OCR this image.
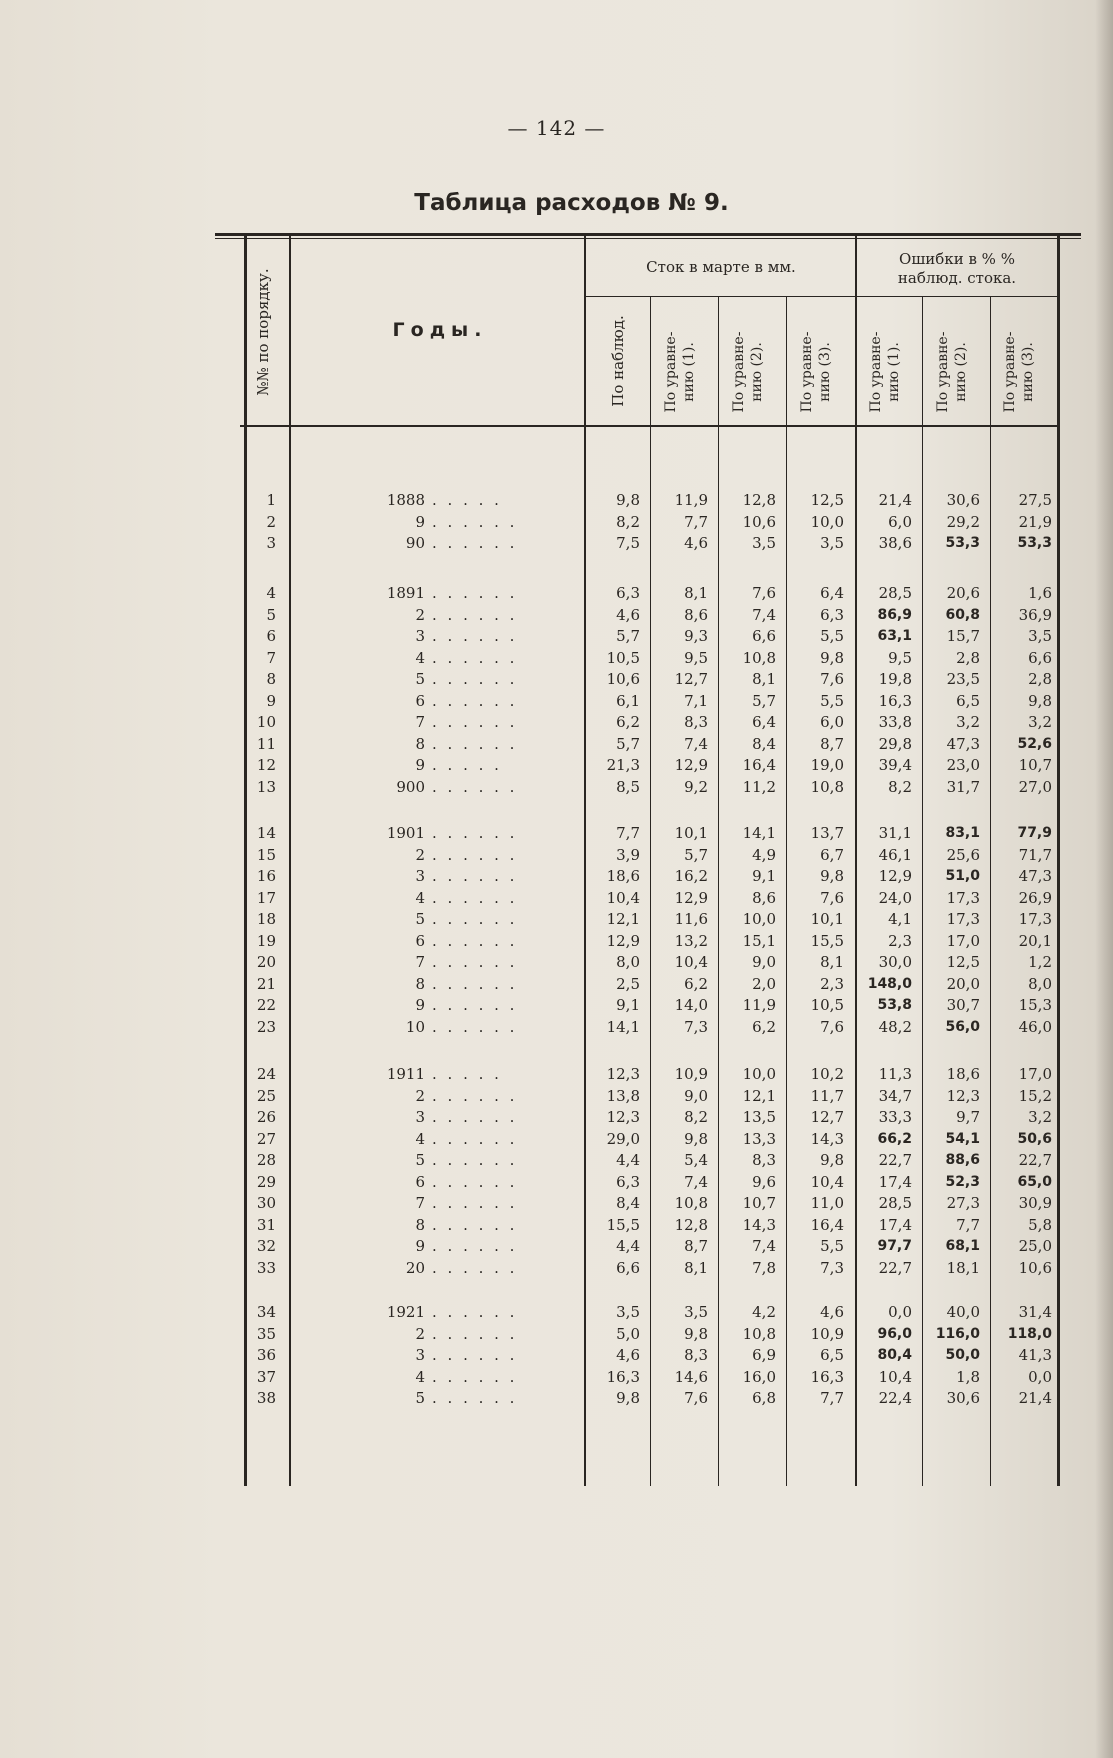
— 142 —
Таблица расходов № 9.
№№ по порядку.	Годы.
Сток в марте в мм.	Ошибки в % %
наблюд. стока.
По наблюд.	По уравне- нию (1).	По уравне- нию (2).	По уравне- нию (3).	По уравне- нию (1).	По уравне- нию (2).	По уравне- нию (3).
1	1888 . . . . .	9,8	11,9	12,8	12,5	21,4	30,6	27,5
2	9 . . . . . .	8,2	7,7	10,6	10,0	6,0	29,2	21,9
3	90 . . . . . .	7,5	4,6	3,5	3,5	38,6	53,3	53,3
4	1891 . . . . . .	6,3	8,1	7,6	6,4	28,5	20,6	1,6
5	2 . . . . . .	4,6	8,6	7,4	6,3	86,9	60,8	36,9
6	3 . . . . . .	5,7	9,3	6,6	5,5	63,1	15,7	3,5
7	4 . . . . . .	10,5	9,5	10,8	9,8	9,5	2,8	6,6
8	5 . . . . . .	10,6	12,7	8,1	7,6	19,8	23,5	2,8
9	6 . . . . . .	6,1	7,1	5,7	5,5	16,3	6,5	9,8
10	7 . . . . . .	6,2	8,3	6,4	6,0	33,8	3,2	3,2
11	8 . . . . . .	5,7	7,4	8,4	8,7	29,8	47,3	52,6
12	9 . . . . .	21,3	12,9	16,4	19,0	39,4	23,0	10,7
13	900 . . . . . .	8,5	9,2	11,2	10,8	8,2	31,7	27,0
14	1901 . . . . . .	7,7	10,1	14,1	13,7	31,1	83,1	77,9
15	2 . . . . . .	3,9	5,7	4,9	6,7	46,1	25,6	71,7
16	3 . . . . . .	18,6	16,2	9,1	9,8	12,9	51,0	47,3
17	4 . . . . . .	10,4	12,9	8,6	7,6	24,0	17,3	26,9
18	5 . . . . . .	12,1	11,6	10,0	10,1	4,1	17,3	17,3
19	6 . . . . . .	12,9	13,2	15,1	15,5	2,3	17,0	20,1
20	7 . . . . . .	8,0	10,4	9,0	8,1	30,0	12,5	1,2
21	8 . . . . . .	2,5	6,2	2,0	2,3 148,0	20,0	8,0
22	9 . . . . . .	9,1	14,0	11,9	10,5	53,8	30,7	15,3
23	10 . . . . . .	14,1	7,3	6,2	7,6	48,2	56,0	46,0
24	1911 . . . . .	12,3	10,9	10,0	10,2	11,3	18,6	17,0
25	2 . . . . . .	13,8	9,0	12,1	11,7	34,7	12,3	15,2
26	3 . . . . . .	12,3	8,2	13,5	12,7	33,3	9,7	3,2
27	4 . . . . . .	29,0	9,8	13,3	14,3	66,2	54,1	50,6
28	5 . . . . . .	4,4	5,4	8,3	9,8	22,7	88,6	22,7
29	6 . . . . . .	6,3	7,4	9,6	10,4	17,4	52,3	65,0
30	7 . . . . . .	8,4	10,8	10,7	11,0	28,5	27,3	30,9
31	8 . . . . . .	15,5	12,8	14,3	16,4	17,4	7,7	5,8
32	9 . . . . . .	4,4	8,7	7,4	5,5	97,7	68,1	25,0
33	20 . . . . . .	6,6	8,1	7,8	7,3	22,7	18,1	10,6
34	1921 . . . . . .	3,5	3,5	4,2	4,6	0,0	40,0	31,4
35	2 . . . . . .	5,0	9,8	10,8	10,9	96,0 116,0 118,0
36	3 . . . . . .	4,6	8,3	6,9	6,5	80,4	50,0	41,3
37	4 . . . . . .	16,3	14,6	16,0	16,3	10,4	1,8	0,0
38	5 . . . . . .	9,8	7,6	6,8	7,7	22,4	30,6	21,4
